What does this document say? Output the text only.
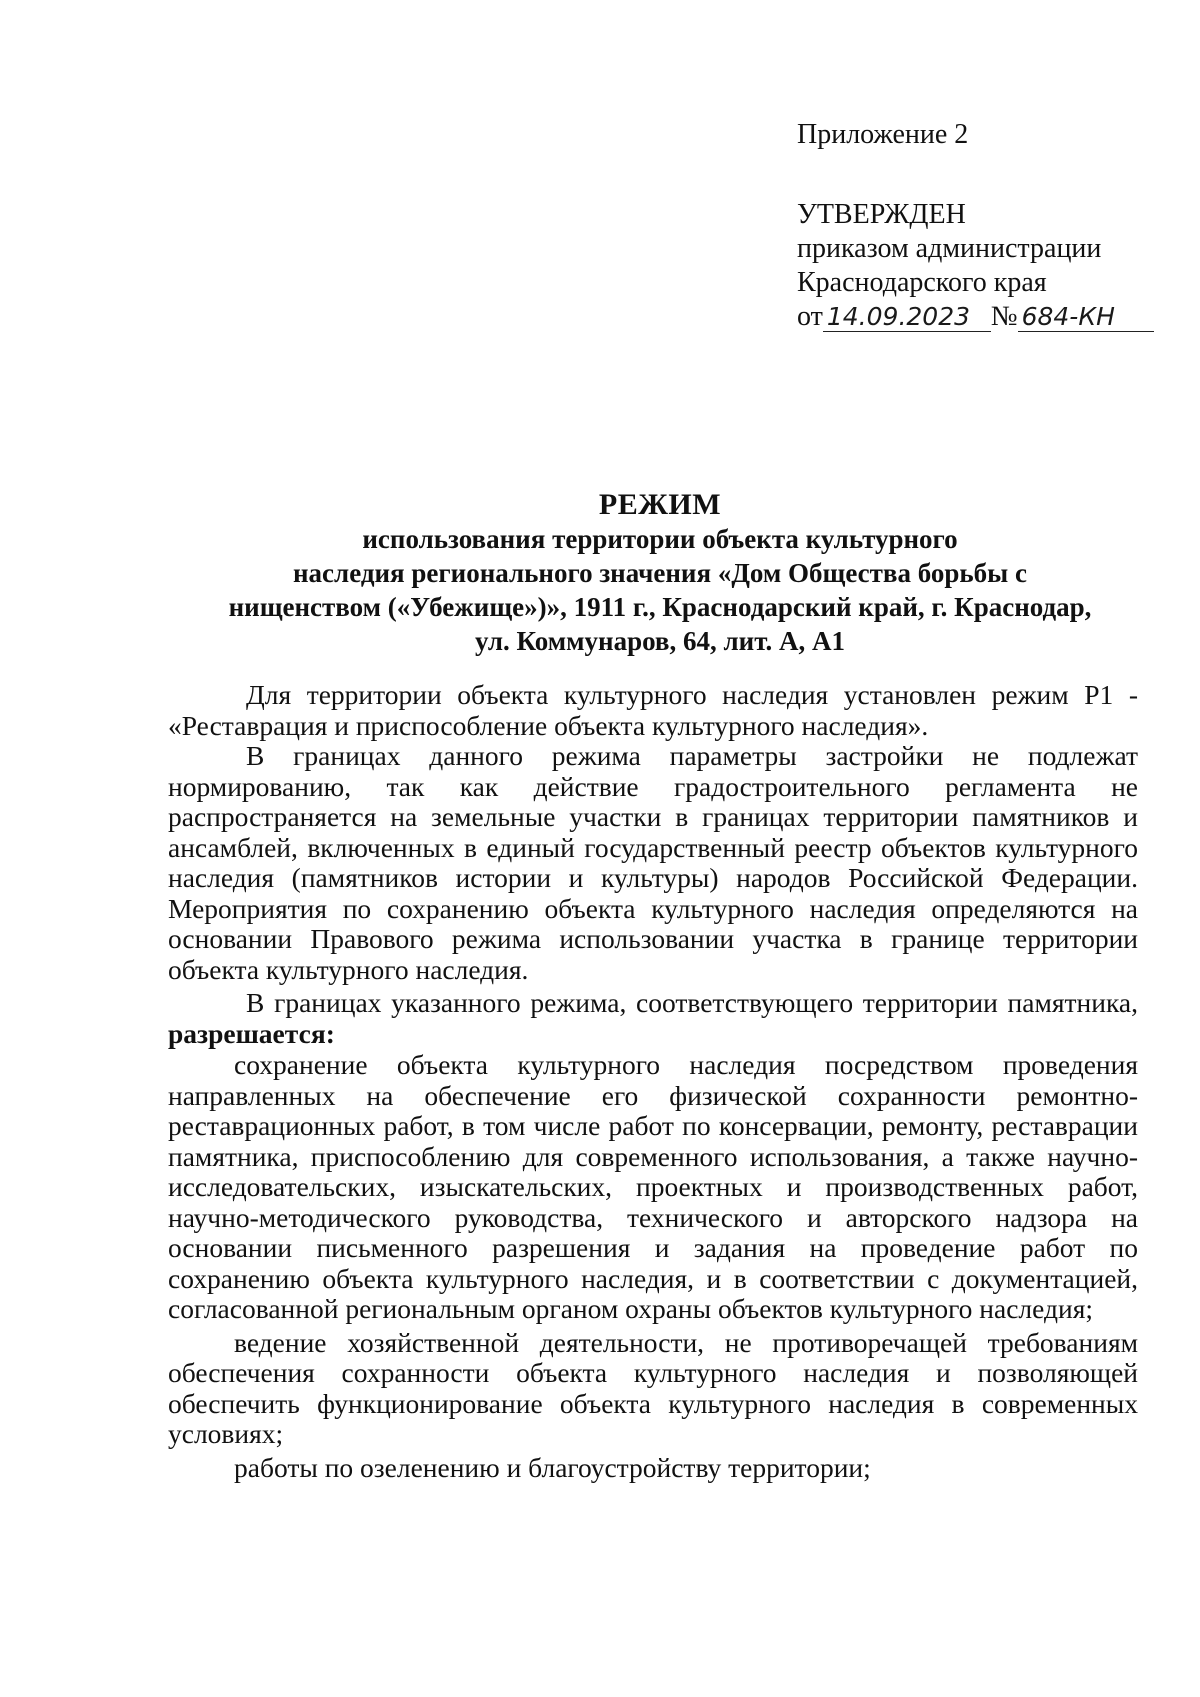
Приложение 2
УТВЕРЖДЕН
приказом администрации
Краснодарского края
от 14.09.2023 № 684-КН
РЕЖИМ
использования территории объекта культурного
наследия регионального значения «Дом Общества борьбы с
нищенством («Убежище»)», 1911 г., Краснодарский край, г. Краснодар,
ул. Коммунаров, 64, лит. А, А1

Для территории объекта культурного наследия установлен режим Р1 - «Реставрация и приспособление объекта культурного наследия».

В границах данного режима параметры застройки не подлежат нормированию, так как действие градостроительного регламента не распространяется на земельные участки в границах территории памятников и ансамблей, включенных в единый государственный реестр объектов культурного наследия (памятников истории и культуры) народов Российской Федерации. Мероприятия по сохранению объекта культурного наследия определяются на основании Правового режима использовании участка в границе территории объекта культурного наследия.

В границах указанного режима, соответствующего территории памятника, разрешается:

сохранение объекта культурного наследия посредством проведения направленных на обеспечение его физической сохранности ремонтно-реставрационных работ, в том числе работ по консервации, ремонту, реставрации памятника, приспособлению для современного использования, а также научно-исследовательских, изыскательских, проектных и производственных работ, научно-методического руководства, технического и авторского надзора на основании письменного разрешения и задания на проведение работ по сохранению объекта культурного наследия, и в соответствии с документацией, согласованной региональным органом охраны объектов культурного наследия;

ведение хозяйственной деятельности, не противоречащей требованиям обеспечения сохранности объекта культурного наследия и позволяющей обеспечить функционирование объекта культурного наследия в современных условиях;

работы по озеленению и благоустройству территории;
